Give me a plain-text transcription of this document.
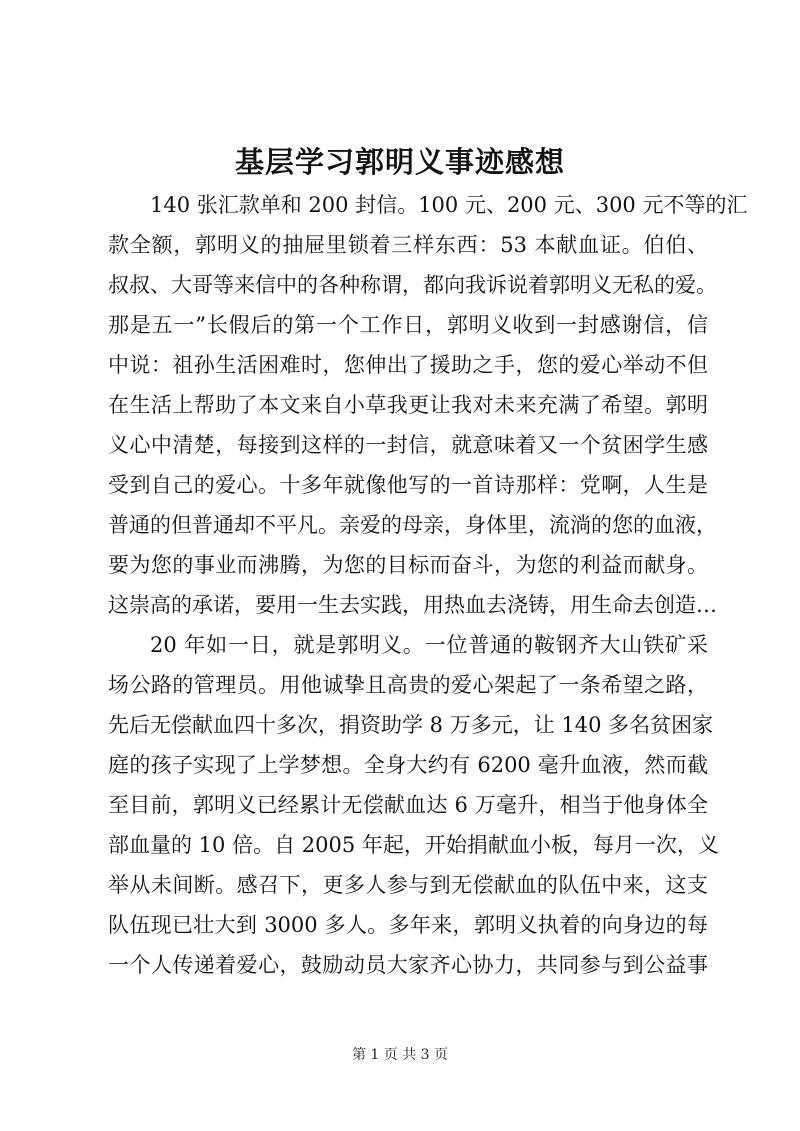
基层学习郭明义事迹感想
140 张汇款单和 200 封信。100 元、200 元、300 元不等的汇
款全额，郭明义的抽屉里锁着三样东西：53 本献血证。伯伯、
叔叔、大哥等来信中的各种称谓，都向我诉说着郭明义无私的爱。
那是五一”长假后的第一个工作日，郭明义收到一封感谢信，信
中说：祖孙生活困难时，您伸出了援助之手，您的爱心举动不但
在生活上帮助了本文来自小草我更让我对未来充满了希望。郭明
义心中清楚，每接到这样的一封信，就意味着又一个贫困学生感
受到自己的爱心。十多年就像他写的一首诗那样：党啊，人生是
普通的但普通却不平凡。亲爱的母亲，身体里，流淌的您的血液，
要为您的事业而沸腾，为您的目标而奋斗，为您的利益而献身。
这崇高的承诺，要用一生去实践，用热血去浇铸，用生命去创造…
20 年如一日，就是郭明义。一位普通的鞍钢齐大山铁矿采
场公路的管理员。用他诚挚且高贵的爱心架起了一条希望之路，
先后无偿献血四十多次，捐资助学 8 万多元，让 140 多名贫困家
庭的孩子实现了上学梦想。全身大约有 6200 毫升血液，然而截
至目前，郭明义已经累计无偿献血达 6 万毫升，相当于他身体全
部血量的 10 倍。自 2005 年起，开始捐献血小板，每月一次，义
举从未间断。感召下，更多人参与到无偿献血的队伍中来，这支
队伍现已壮大到 3000 多人。多年来，郭明义执着的向身边的每
一个人传递着爱心，鼓励动员大家齐心协力，共同参与到公益事
第 1 页 共 3 页
